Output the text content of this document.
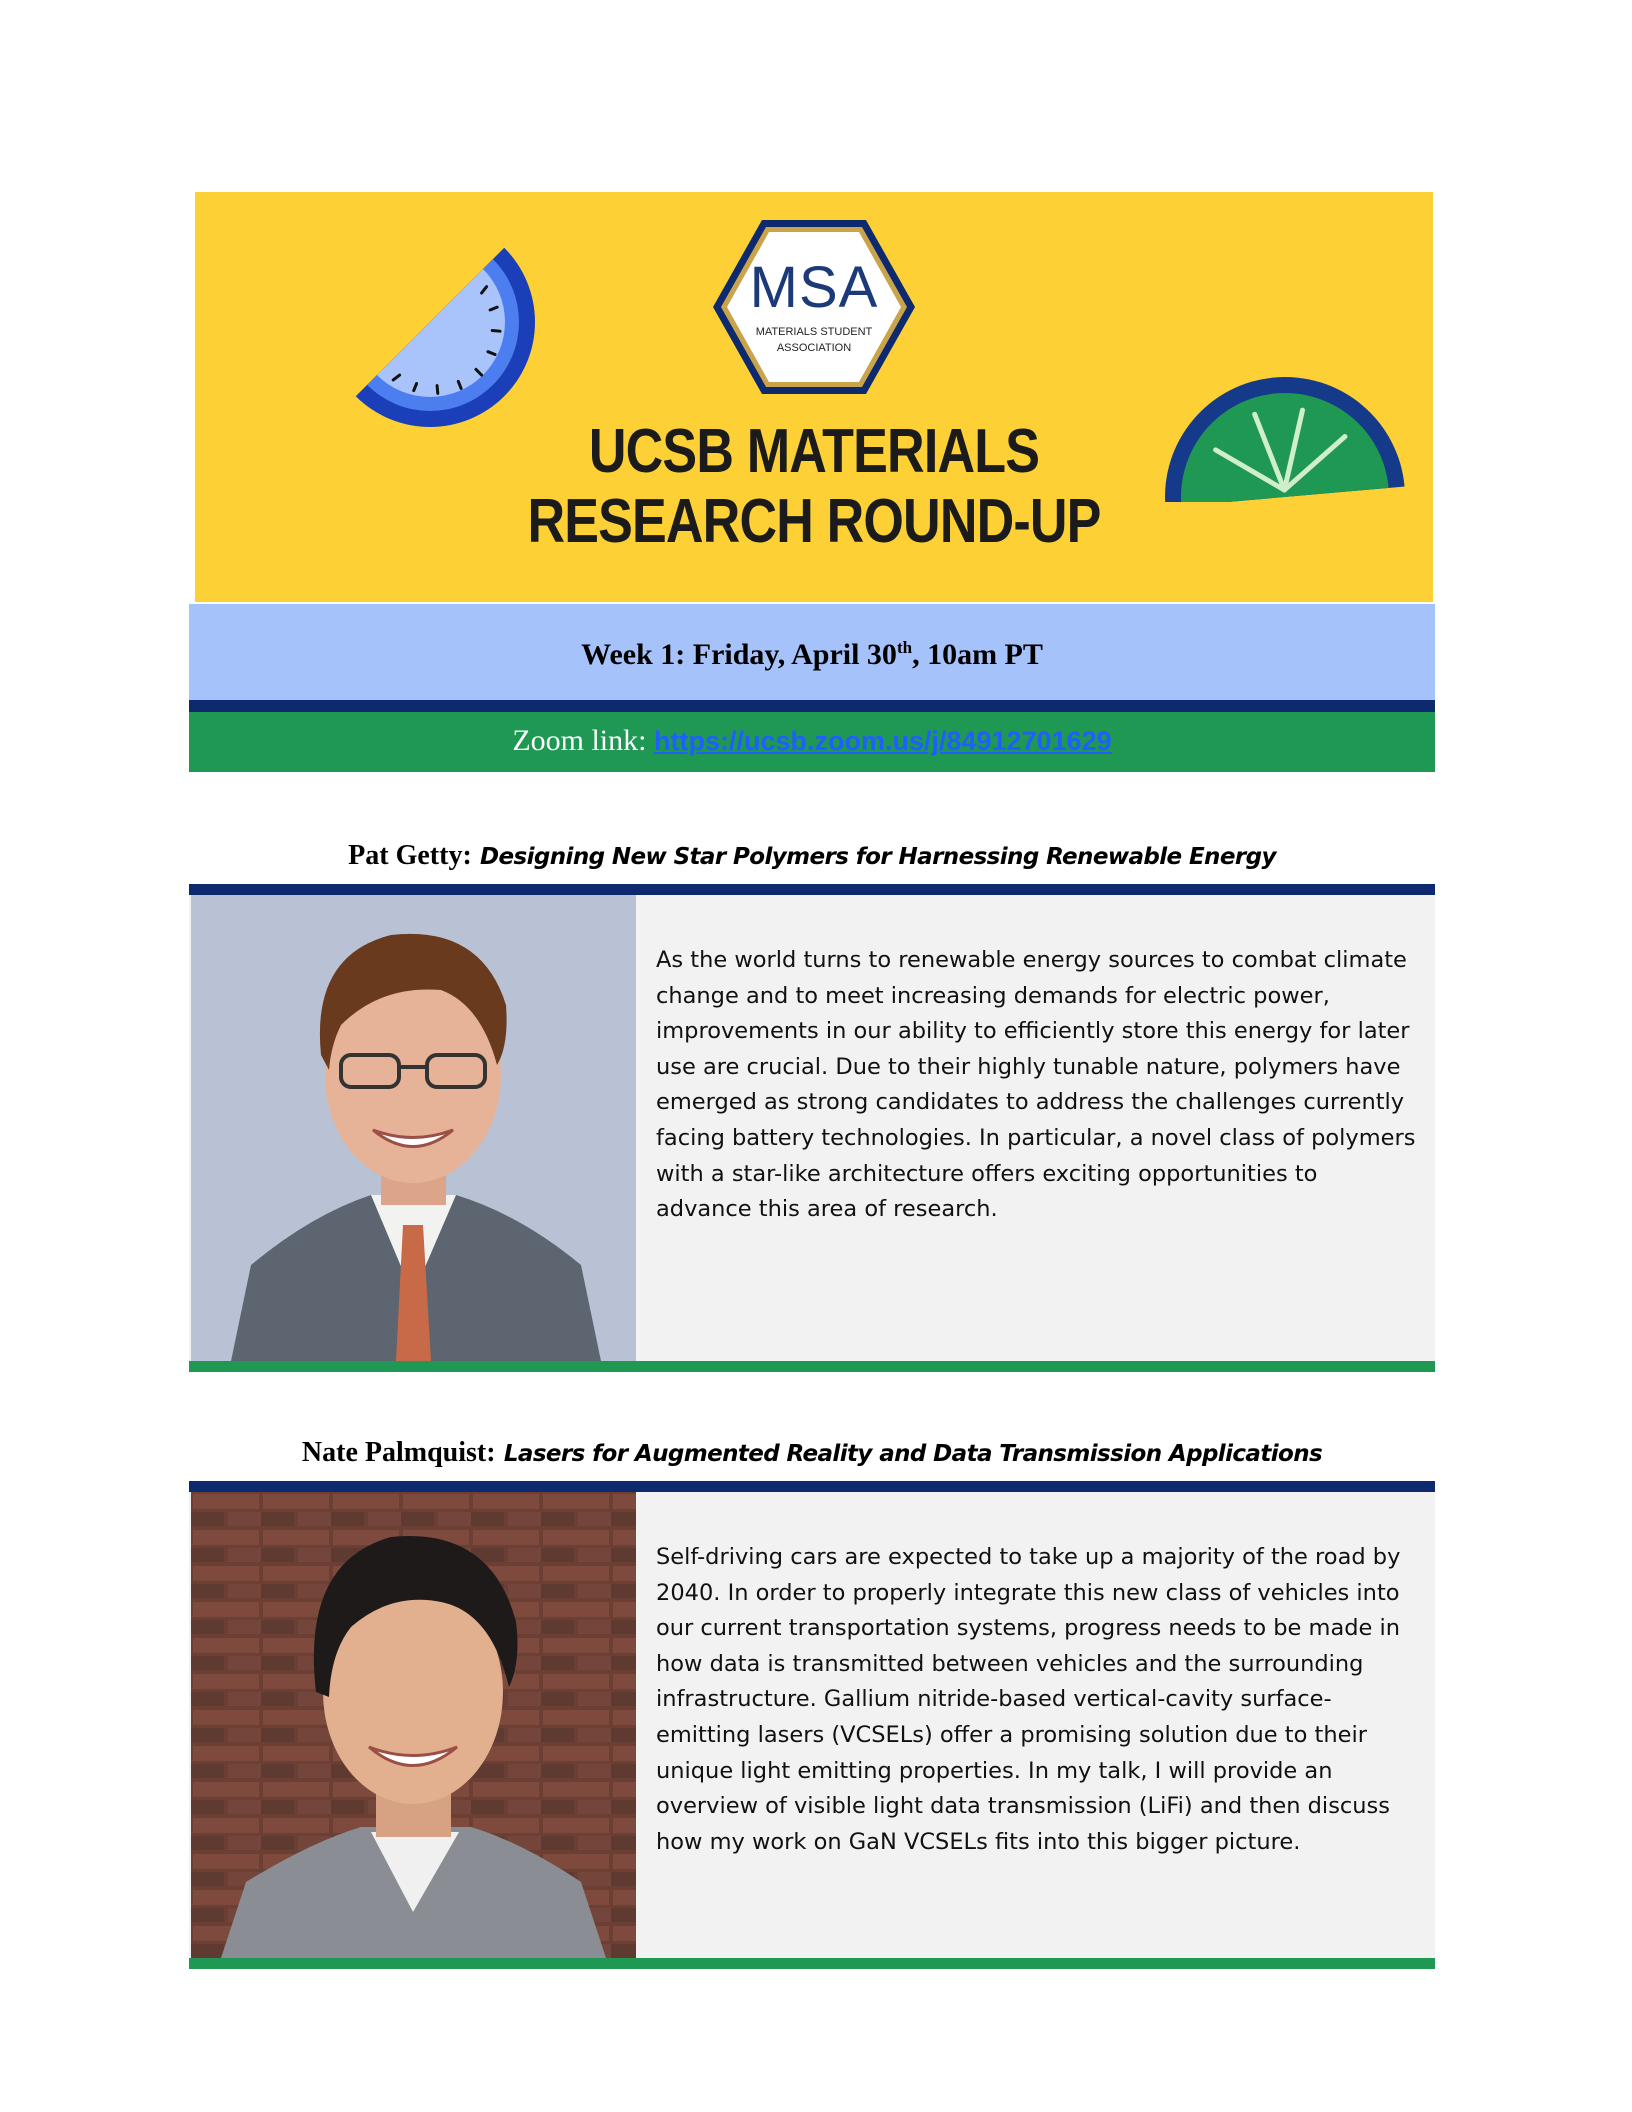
MSA
MATERIALS STUDENT ASSOCIATION
UCSB MATERIALS
RESEARCH ROUND-UP
Week 1: Friday, April 30th, 10am PT
Zoom link: https://ucsb.zoom.us/j/84912701629
Pat Getty: Designing New Star Polymers for Harnessing Renewable Energy
As the world turns to renewable energy sources to combat climate change and to meet increasing demands for electric power, improvements in our ability to efficiently store this energy for later use are crucial. Due to their highly tunable nature, polymers have emerged as strong candidates to address the challenges currently facing battery technologies. In particular, a novel class of polymers with a star-like architecture offers exciting opportunities to advance this area of research.
Nate Palmquist: Lasers for Augmented Reality and Data Transmission Applications
Self-driving cars are expected to take up a majority of the road by 2040. In order to properly integrate this new class of vehicles into our current transportation systems, progress needs to be made in how data is transmitted between vehicles and the surrounding infrastructure. Gallium nitride-based vertical-cavity surface-emitting lasers (VCSELs) offer a promising solution due to their unique light emitting properties. In my talk, I will provide an overview of visible light data transmission (LiFi) and then discuss how my work on GaN VCSELs fits into this bigger picture.
